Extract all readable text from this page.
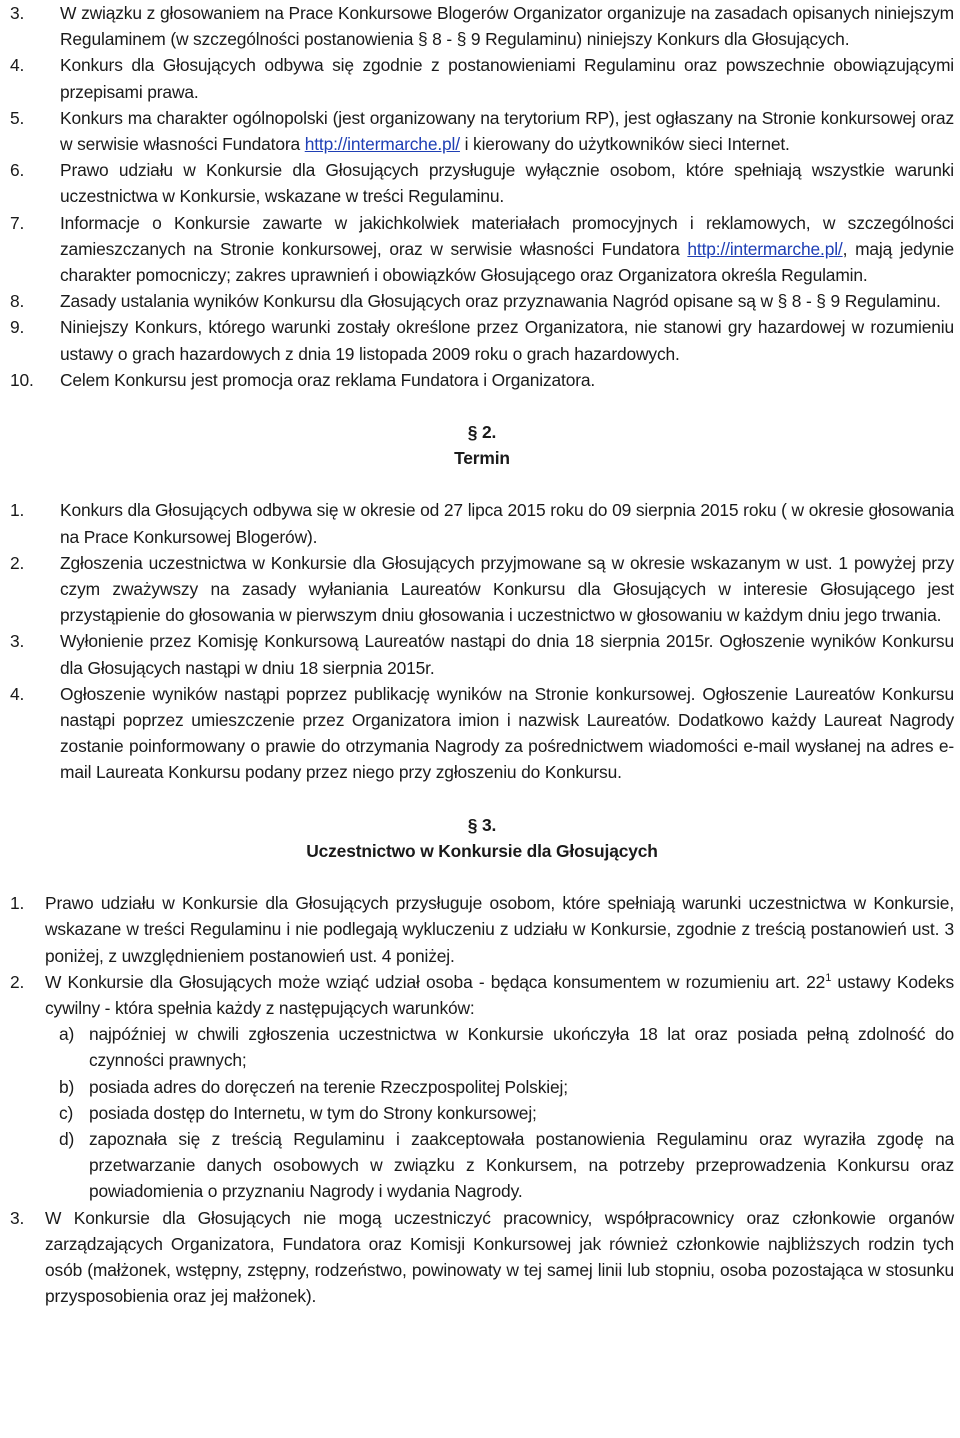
3.	W związku z głosowaniem na Prace Konkursowe Blogerów Organizator organizuje na zasadach opisanych niniejszym Regulaminem (w szczególności postanowienia § 8 - § 9 Regulaminu) niniejszy Konkurs dla Głosujących.
4.	Konkurs dla Głosujących odbywa się zgodnie z postanowieniami Regulaminu oraz powszechnie obowiązującymi przepisami prawa.
5.	Konkurs ma charakter ogólnopolski (jest organizowany na terytorium RP), jest ogłaszany na Stronie konkursowej oraz w serwisie własności Fundatora http://intermarche.pl/ i kierowany do użytkowników sieci Internet.
6.	Prawo udziału w Konkursie dla Głosujących przysługuje wyłącznie osobom, które spełniają wszystkie warunki uczestnictwa w Konkursie, wskazane w treści Regulaminu.
7.	Informacje o Konkursie zawarte w jakichkolwiek materiałach promocyjnych i reklamowych, w szczególności zamieszczanych na Stronie konkursowej, oraz w serwisie własności Fundatora http://intermarche.pl/, mają jedynie charakter pomocniczy; zakres uprawnień i obowiązków Głosującego oraz Organizatora określa Regulamin.
8.	Zasady ustalania wyników Konkursu dla Głosujących oraz przyznawania Nagród opisane są w § 8 - § 9 Regulaminu.
9.	Niniejszy Konkurs, którego warunki zostały określone przez Organizatora, nie stanowi gry hazardowej w rozumieniu ustawy o grach hazardowych z dnia 19 listopada 2009 roku o grach hazardowych.
10.	Celem Konkursu jest promocja oraz reklama Fundatora i Organizatora.
§ 2.
Termin
1.	Konkurs dla Głosujących odbywa się w okresie od 27 lipca 2015 roku do 09 sierpnia 2015 roku ( w okresie głosowania na Prace Konkursowej Blogerów).
2.	Zgłoszenia uczestnictwa w Konkursie dla Głosujących przyjmowane są w okresie wskazanym w ust. 1 powyżej przy czym zważywszy na zasady wyłaniania Laureatów Konkursu dla Głosujących w interesie Głosującego jest przystąpienie do głosowania w pierwszym dniu głosowania i uczestnictwo w głosowaniu w każdym dniu jego trwania.
3.	Wyłonienie przez Komisję Konkursową Laureatów nastąpi do dnia 18 sierpnia 2015r. Ogłoszenie wyników Konkursu dla Głosujących nastąpi w dniu 18 sierpnia 2015r.
4.	Ogłoszenie wyników nastąpi poprzez publikację wyników na Stronie konkursowej. Ogłoszenie Laureatów Konkursu nastąpi poprzez umieszczenie przez Organizatora imion i nazwisk Laureatów. Dodatkowo każdy Laureat Nagrody zostanie poinformowany o prawie do otrzymania Nagrody za pośrednictwem wiadomości e-mail wysłanej na adres e-mail Laureata Konkursu podany przez niego przy zgłoszeniu do Konkursu.
§ 3.
Uczestnictwo w Konkursie dla Głosujących
1.	Prawo udziału w Konkursie dla Głosujących przysługuje osobom, które spełniają warunki uczestnictwa w Konkursie, wskazane w treści Regulaminu i nie podlegają wykluczeniu z udziału w Konkursie, zgodnie z treścią postanowień ust. 3 poniżej, z uwzględnieniem postanowień ust. 4 poniżej.
2.	W Konkursie dla Głosujących może wziąć udział osoba - będąca konsumentem w rozumieniu art. $22^1$ ustawy Kodeks cywilny - która spełnia każdy z następujących warunków:
a) najpóźniej w chwili zgłoszenia uczestnictwa w Konkursie ukończyła 18 lat oraz posiada pełną zdolność do czynności prawnych;
b) posiada adres do doręczeń na terenie Rzeczpospolitej Polskiej;
c) posiada dostęp do Internetu, w tym do Strony konkursowej;
d) zapoznała się z treścią Regulaminu i zaakceptowała postanowienia Regulaminu oraz wyraziła zgodę na przetwarzanie danych osobowych w związku z Konkursem, na potrzeby przeprowadzenia Konkursu oraz powiadomienia o przyznaniu Nagrody i wydania Nagrody.
3.	W Konkursie dla Głosujących nie mogą uczestniczyć pracownicy, współpracownicy oraz członkowie organów zarządzających Organizatora, Fundatora oraz Komisji Konkursowej jak również członkowie najbliższych rodzin tych osób (małżonek, wstępny, zstępny, rodzeństwo, powinowaty w tej samej linii lub stopniu, osoba pozostająca w stosunku przysposobienia oraz jej małżonek).
